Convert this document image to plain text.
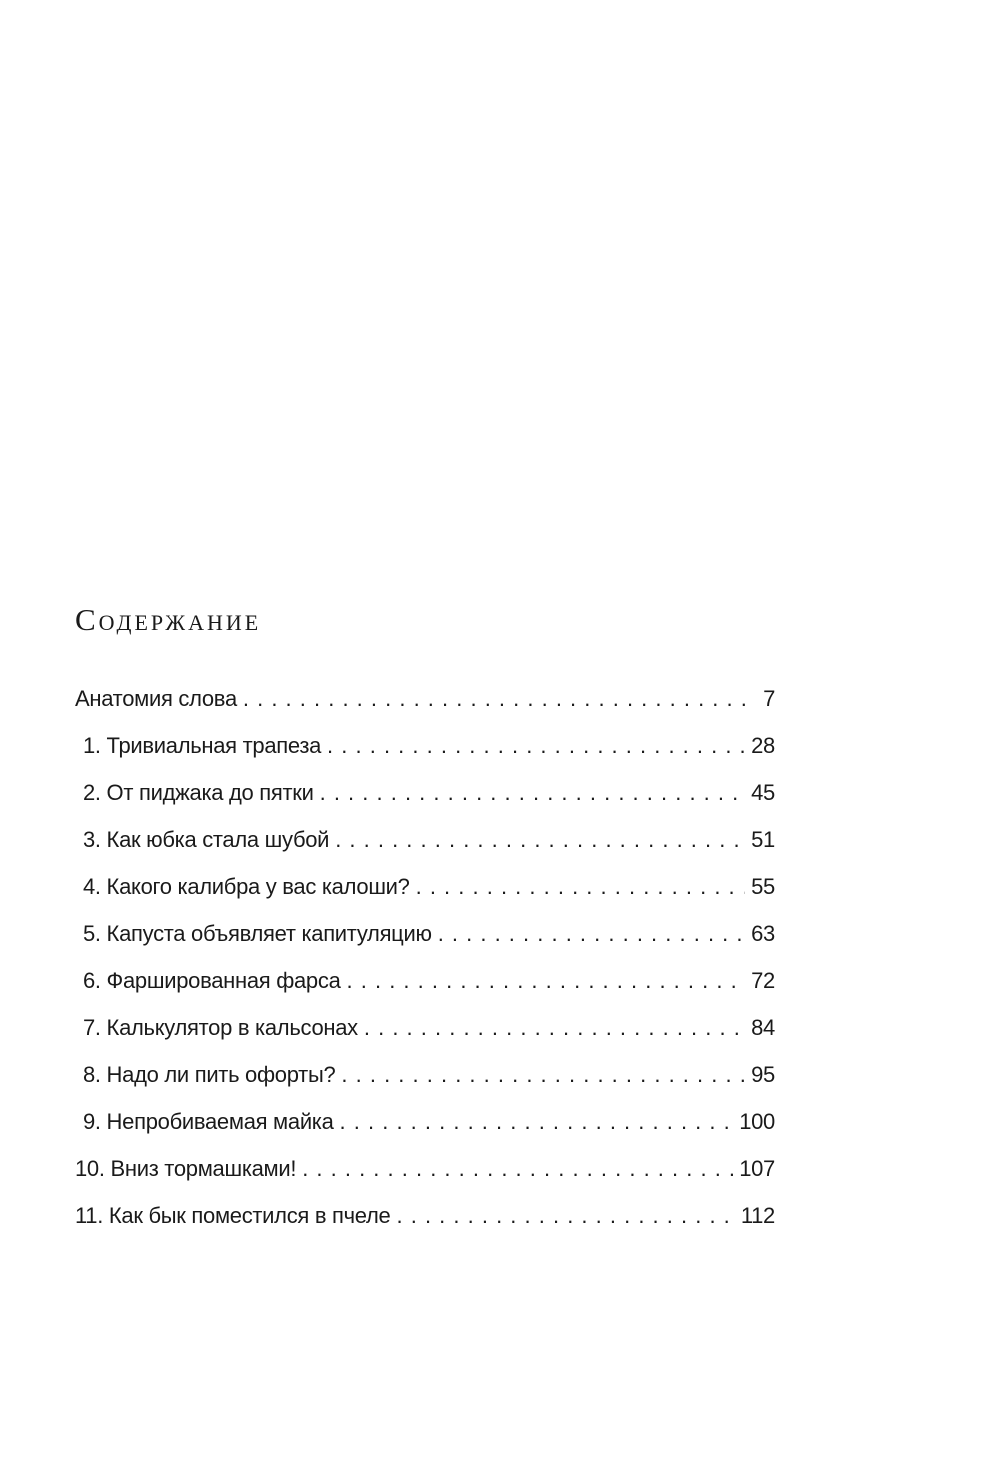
Содержание
Анатомия слова . . .	7
1. Тривиальная трапеза . . .	28
2. От пиджака до пятки . . .	45
3. Как юбка стала шубой . . .	51
4. Какого калибра у вас калоши? . . .	55
5. Капуста объявляет капитуляцию . . .	63
6. Фаршированная фарса . . .	72
7. Калькулятор в кальсонах . . .	84
8. Надо ли пить офорты? . . .	95
9. Непробиваемая майка . . .	100
10. Вниз тормашками! . . .	107
11. Как бык поместился в пчеле . . .	112
